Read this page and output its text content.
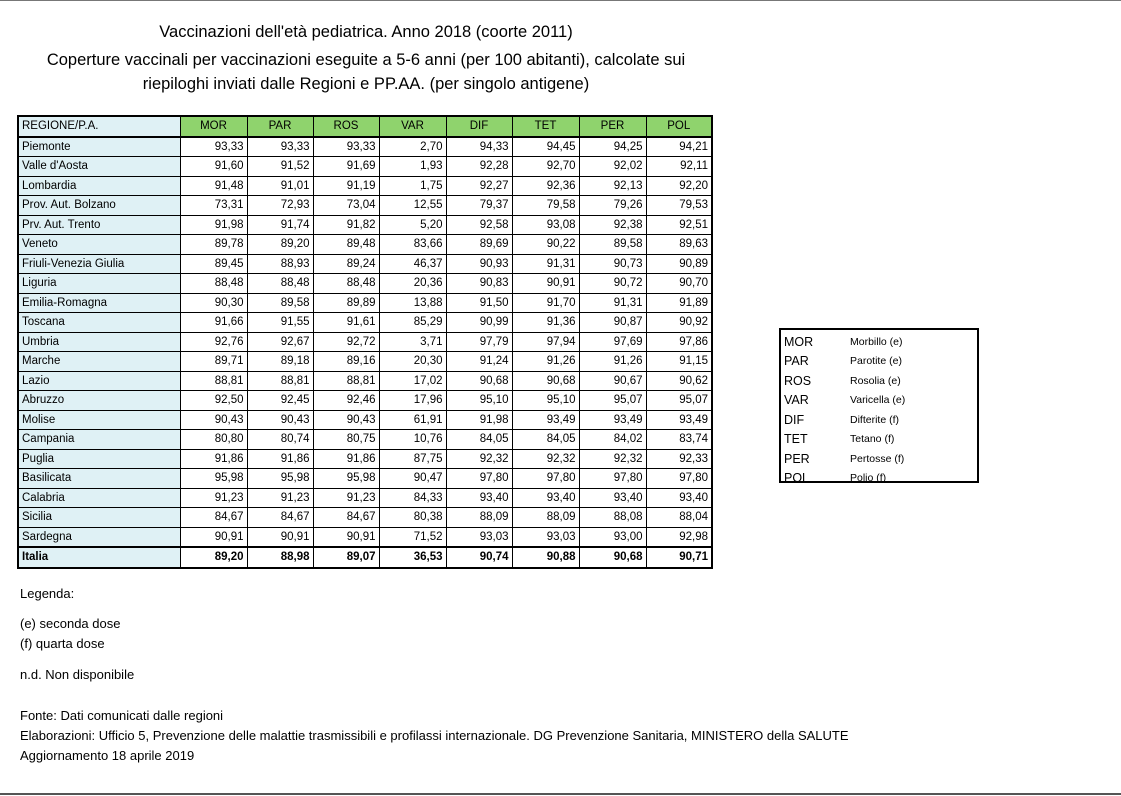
Vaccinazioni dell'età pediatrica. Anno 2018 (coorte 2011)

Coperture vaccinali per vaccinazioni eseguite a 5-6 anni (per 100 abitanti), calcolate sui

riepiloghi inviati dalle Regioni e PP.AA. (per singolo antigene)

REGIONE/P.A.	MOR	PAR	ROS	VAR	DIF	TET	PER	POL
Piemonte	93,33	93,33	93,33	2,70	94,33	94,45	94,25	94,21
Valle d'Aosta	91,60	91,52	91,69	1,93	92,28	92,70	92,02	92,11
Lombardia	91,48	91,01	91,19	1,75	92,27	92,36	92,13	92,20
Prov. Aut. Bolzano	73,31	72,93	73,04	12,55	79,37	79,58	79,26	79,53
Prv. Aut. Trento	91,98	91,74	91,82	5,20	92,58	93,08	92,38	92,51
Veneto	89,78	89,20	89,48	83,66	89,69	90,22	89,58	89,63
Friuli-Venezia Giulia	89,45	88,93	89,24	46,37	90,93	91,31	90,73	90,89
Liguria	88,48	88,48	88,48	20,36	90,83	90,91	90,72	90,70
Emilia-Romagna	90,30	89,58	89,89	13,88	91,50	91,70	91,31	91,89
Toscana	91,66	91,55	91,61	85,29	90,99	91,36	90,87	90,92
Umbria	92,76	92,67	92,72	3,71	97,79	97,94	97,69	97,86
Marche	89,71	89,18	89,16	20,30	91,24	91,26	91,26	91,15
Lazio	88,81	88,81	88,81	17,02	90,68	90,68	90,67	90,62
Abruzzo	92,50	92,45	92,46	17,96	95,10	95,10	95,07	95,07
Molise	90,43	90,43	90,43	61,91	91,98	93,49	93,49	93,49
Campania	80,80	80,74	80,75	10,76	84,05	84,05	84,02	83,74
Puglia	91,86	91,86	91,86	87,75	92,32	92,32	92,32	92,33
Basilicata	95,98	95,98	95,98	90,47	97,80	97,80	97,80	97,80
Calabria	91,23	91,23	91,23	84,33	93,40	93,40	93,40	93,40
Sicilia	84,67	84,67	84,67	80,38	88,09	88,09	88,08	88,04
Sardegna	90,91	90,91	90,91	71,52	93,03	93,03	93,00	92,98
Italia	89,20	88,98	89,07	36,53	90,74	90,88	90,68	90,71
MOR	Morbillo (e)
PAR	Parotite (e)
ROS	Rosolia (e)
VAR	Varicella (e)
DIF	Difterite (f)
TET	Tetano (f)
PER	Pertosse (f)
POL	Polio (f)

Legenda:

(e) seconda dose

(f) quarta dose

n.d. Non disponibile

Fonte: Dati comunicati dalle regioni

Elaborazioni: Ufficio 5, Prevenzione delle malattie trasmissibili e profilassi internazionale. DG Prevenzione Sanitaria, MINISTERO della SALUTE

Aggiornamento 18 aprile 2019
